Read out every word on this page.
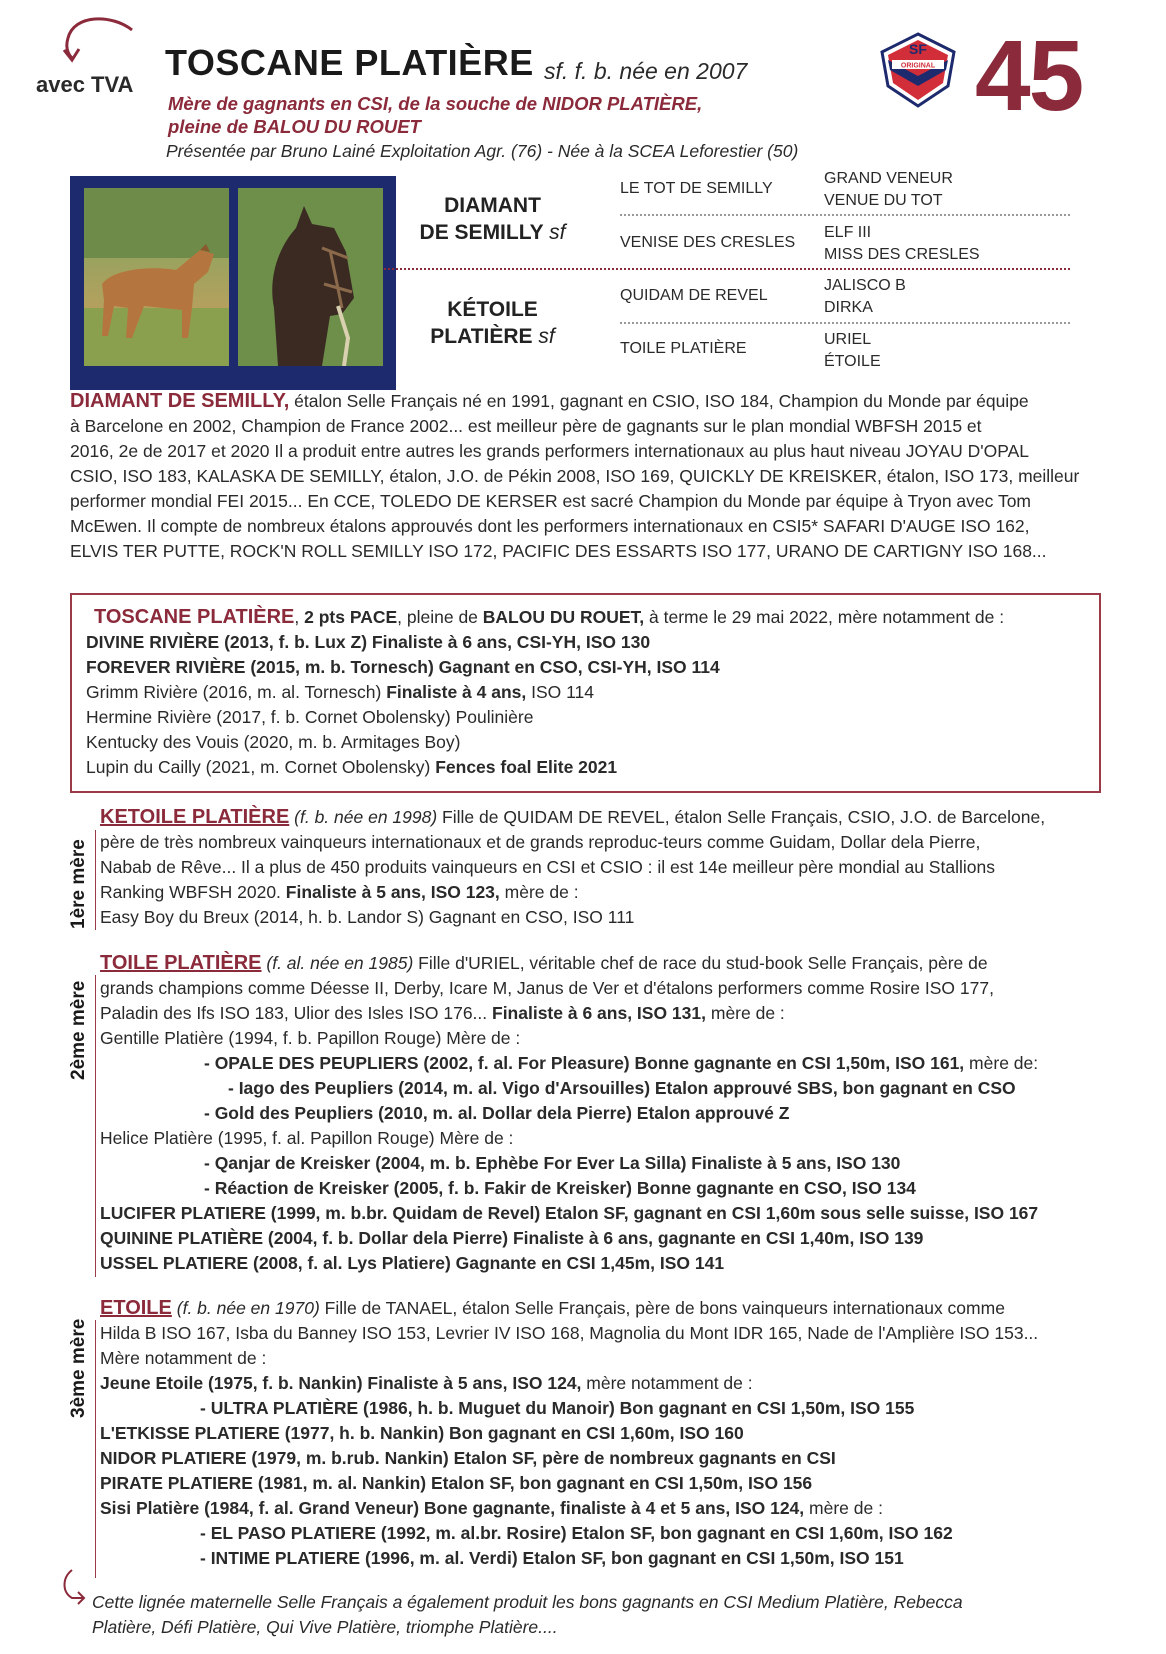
avec TVA
TOSCANE PLATIÈRE sf. f. b. née en 2007
Mère de gagnants en CSI, de la souche de NIDOR PLATIÈRE,
pleine de BALOU DU ROUET
Présentée par Bruno Lainé Exploitation Agr. (76) - Née à la SCEA Leforestier (50)
SF
ORIGINAL 45
DIAMANT
DE SEMILLY sf
KÉTOILE
PLATIÈRE sf
LE TOT DE SEMILLY
VENISE DES CRESLES
QUIDAM DE REVEL
TOILE PLATIÈRE
GRAND VENEUR
VENUE DU TOT
ELF III
MISS DES CRESLES
JALISCO B
DIRKA
URIEL
ÉTOILE
DIAMANT DE SEMILLY, étalon Selle Français né en 1991, gagnant en CSIO, ISO 184, Champion du Monde par équipe
à Barcelone en 2002, Champion de France 2002... est meilleur père de gagnants sur le plan mondial WBFSH 2015 et
2016, 2e de 2017 et 2020 Il a produit entre autres les grands performers internationaux au plus haut niveau JOYAU D'OPAL
CSIO, ISO 183, KALASKA DE SEMILLY, étalon, J.O. de Pékin 2008, ISO 169, QUICKLY DE KREISKER, étalon, ISO 173, meilleur
performer mondial FEI 2015... En CCE, TOLEDO DE KERSER est sacré Champion du Monde par équipe à Tryon avec Tom
McEwen. Il compte de nombreux étalons approuvés dont les performers internationaux en CSI5* SAFARI D'AUGE ISO 162,
ELVIS TER PUTTE, ROCK'N ROLL SEMILLY ISO 172, PACIFIC DES ESSARTS ISO 177, URANO DE CARTIGNY ISO 168...
TOSCANE PLATIÈRE, 2 pts PACE, pleine de BALOU DU ROUET, à terme le 29 mai 2022, mère notamment de :
DIVINE RIVIÈRE (2013, f. b. Lux Z) Finaliste à 6 ans, CSI-YH, ISO 130
FOREVER RIVIÈRE (2015, m. b. Tornesch) Gagnant en CSO, CSI-YH, ISO 114
Grimm Rivière (2016, m. al. Tornesch) Finaliste à 4 ans, ISO 114
Hermine Rivière (2017, f. b. Cornet Obolensky) Poulinière
Kentucky des Vouis (2020, m. b. Armitages Boy)
Lupin du Cailly (2021, m. Cornet Obolensky) Fences foal Elite 2021
1ère mère
KETOILE PLATIÈRE (f. b. née en 1998) Fille de QUIDAM DE REVEL, étalon Selle Français, CSIO, J.O. de Barcelone,
père de très nombreux vainqueurs internationaux et de grands reproduc-teurs comme Guidam, Dollar dela Pierre,
Nabab de Rêve... Il a plus de 450 produits vainqueurs en CSI et CSIO : il est 14e meilleur père mondial au Stallions
Ranking WBFSH 2020. Finaliste à 5 ans, ISO 123, mère de :
Easy Boy du Breux (2014, h. b. Landor S) Gagnant en CSO, ISO 111
2ème mère
TOILE PLATIÈRE (f. al. née en 1985) Fille d'URIEL, véritable chef de race du stud-book Selle Français, père de
grands champions comme Déesse II, Derby, Icare M, Janus de Ver et d'étalons performers comme Rosire ISO 177,
Paladin des Ifs ISO 183, Ulior des Isles ISO 176... Finaliste à 6 ans, ISO 131, mère de :
Gentille Platière (1994, f. b. Papillon Rouge) Mère de :
- OPALE DES PEUPLIERS (2002, f. al. For Pleasure) Bonne gagnante en CSI 1,50m, ISO 161, mère de:
- Iago des Peupliers (2014, m. al. Vigo d'Arsouilles) Etalon approuvé SBS, bon gagnant en CSO
- Gold des Peupliers (2010, m. al. Dollar dela Pierre) Etalon approuvé Z
Helice Platière (1995, f. al. Papillon Rouge) Mère de :
- Qanjar de Kreisker (2004, m. b. Ephèbe For Ever La Silla) Finaliste à 5 ans, ISO 130
- Réaction de Kreisker (2005, f. b. Fakir de Kreisker) Bonne gagnante en CSO, ISO 134
LUCIFER PLATIERE (1999, m. b.br. Quidam de Revel) Etalon SF, gagnant en CSI 1,60m sous selle suisse, ISO 167
QUININE PLATIÈRE (2004, f. b. Dollar dela Pierre) Finaliste à 6 ans, gagnante en CSI 1,40m, ISO 139
USSEL PLATIERE (2008, f. al. Lys Platiere) Gagnante en CSI 1,45m, ISO 141
3ème mère
ETOILE (f. b. née en 1970) Fille de TANAEL, étalon Selle Français, père de bons vainqueurs internationaux comme
Hilda B ISO 167, Isba du Banney ISO 153, Levrier IV ISO 168, Magnolia du Mont IDR 165, Nade de l'Amplière ISO 153...
Mère notamment de :
Jeune Etoile (1975, f. b. Nankin) Finaliste à 5 ans, ISO 124, mère notamment de :
- ULTRA PLATIÈRE (1986, h. b. Muguet du Manoir) Bon gagnant en CSI 1,50m, ISO 155
L'ETKISSE PLATIERE (1977, h. b. Nankin) Bon gagnant en CSI 1,60m, ISO 160
NIDOR PLATIERE (1979, m. b.rub. Nankin) Etalon SF, père de nombreux gagnants en CSI
PIRATE PLATIERE (1981, m. al. Nankin) Etalon SF, bon gagnant en CSI 1,50m, ISO 156
Sisi Platière (1984, f. al. Grand Veneur) Bone gagnante, finaliste à 4 et 5 ans, ISO 124, mère de :
- EL PASO PLATIERE (1992, m. al.br. Rosire) Etalon SF, bon gagnant en CSI 1,60m, ISO 162
- INTIME PLATIERE (1996, m. al. Verdi) Etalon SF, bon gagnant en CSI 1,50m, ISO 151
Cette lignée maternelle Selle Français a également produit les bons gagnants en CSI Medium Platière, Rebecca
Platière, Défi Platière, Qui Vive Platière, triomphe Platière....
